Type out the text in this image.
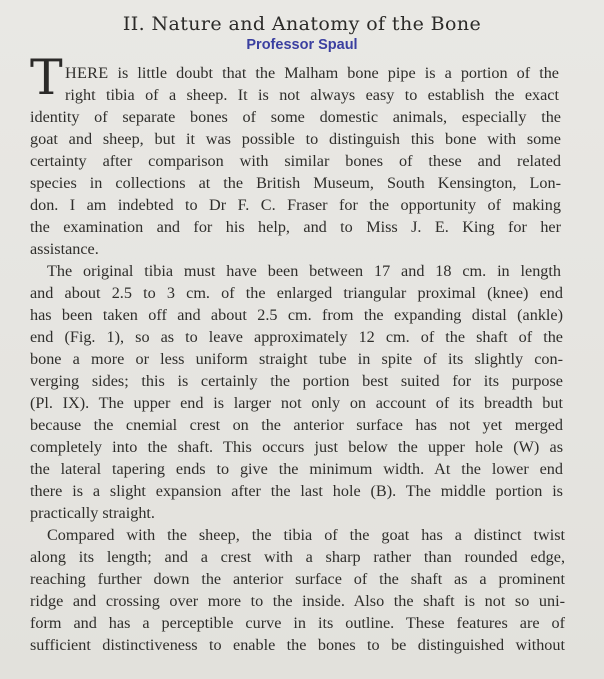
II. Nature and Anatomy of the Bone
Professor Spaul
T HERE is little doubt that the Malham bone pipe is a portion of the
right tibia of a sheep. It is not always easy to establish the exact
identity of separate bones of some domestic animals, especially the
goat and sheep, but it was possible to distinguish this bone with some
certainty after comparison with similar bones of these and related
species in collections at the British Museum, South Kensington, Lon-
don. I am indebted to Dr F. C. Fraser for the opportunity of making
the examination and for his help, and to Miss J. E. King for her
assistance.
The original tibia must have been between 17 and 18 cm. in length
and about 2.5 to 3 cm. of the enlarged triangular proximal (knee) end
has been taken off and about 2.5 cm. from the expanding distal (ankle)
end (Fig. 1), so as to leave approximately 12 cm. of the shaft of the
bone a more or less uniform straight tube in spite of its slightly con-
verging sides; this is certainly the portion best suited for its purpose
(Pl. IX). The upper end is larger not only on account of its breadth but
because the cnemial crest on the anterior surface has not yet merged
completely into the shaft. This occurs just below the upper hole (W) as
the lateral tapering ends to give the minimum width. At the lower end
there is a slight expansion after the last hole (B). The middle portion is
practically straight.
Compared with the sheep, the tibia of the goat has a distinct twist
along its length; and a crest with a sharp rather than rounded edge,
reaching further down the anterior surface of the shaft as a prominent
ridge and crossing over more to the inside. Also the shaft is not so uni-
form and has a perceptible curve in its outline. These features are of
sufficient distinctiveness to enable the bones to be distinguished without
